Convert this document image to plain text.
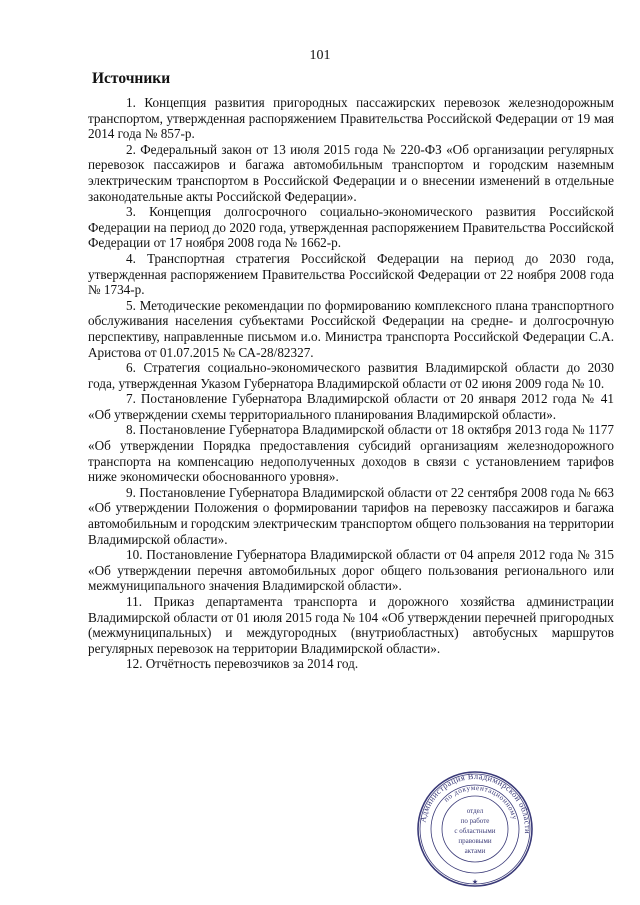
101
Источники

1. Концепция развития пригородных пассажирских перевозок железнодорожным транспортом, утвержденная распоряжением Правительства Российской Федерации от 19 мая 2014 года № 857-р.

2. Федеральный закон от 13 июля 2015 года № 220-ФЗ «Об организации регулярных перевозок пассажиров и багажа автомобильным транспортом и городским наземным электрическим транспортом в Российской Федерации и о внесении изменений в отдельные законодательные акты Российской Федерации».

3. Концепция долгосрочного социально-экономического развития Российской Федерации на период до 2020 года, утвержденная распоряжением Правительства Российской Федерации от 17 ноября 2008 года № 1662-р.

4. Транспортная стратегия Российской Федерации на период до 2030 года, утвержденная распоряжением Правительства Российской Федерации от 22 ноября 2008 года № 1734-р.

5. Методические рекомендации по формированию комплексного плана транспортного обслуживания населения субъектами Российской Федерации на средне- и долгосрочную перспективу, направленные письмом и.о. Министра транспорта Российской Федерации С.А. Аристова от 01.07.2015 № СА-28/82327.

6. Стратегия социально-экономического развития Владимирской области до 2030 года, утвержденная Указом Губернатора Владимирской области от 02 июня 2009 года № 10.

7. Постановление Губернатора Владимирской области от 20 января 2012 года № 41 «Об утверждении схемы территориального планирования Владимирской области».

8. Постановление Губернатора Владимирской области от 18 октября 2013 года № 1177 «Об утверждении Порядка предоставления субсидий организациям железнодорожного транспорта на компенсацию недополученных доходов в связи с установлением тарифов ниже экономически обоснованного уровня».

9. Постановление Губернатора Владимирской области от 22 сентября 2008 года № 663 «Об утверждении Положения о формировании тарифов на перевозку пассажиров и багажа автомобильным и городским электрическим транспортом общего пользования на территории Владимирской области».

10. Постановление Губернатора Владимирской области от 04 апреля 2012 года № 315 «Об утверждении перечня автомобильных дорог общего пользования регионального или межмуниципального значения Владимирской области».

11. Приказ департамента транспорта и дорожного хозяйства администрации Владимирской области от 01 июля 2015 года № 104 «Об утверждении перечней пригородных (межмуниципальных) и междугородных (внутриобластных) автобусных маршрутов регулярных перевозок на территории Владимирской области».

12. Отчётность перевозчиков за 2014 год.

Администрация Владимирской области
по документационному
отдел
по работе
с областными
правовыми
актами
★
